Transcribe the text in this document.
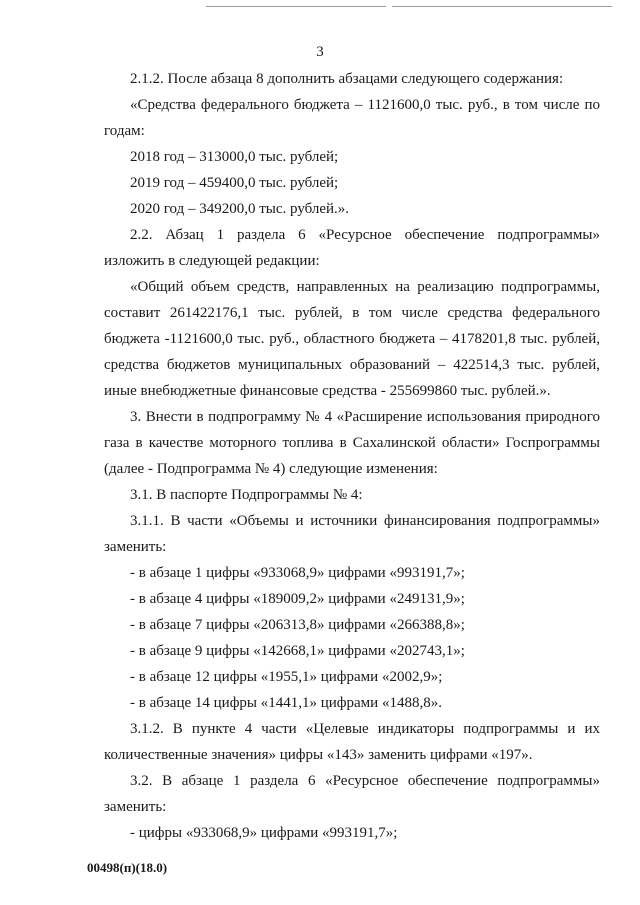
3

2.1.2. После абзаца 8 дополнить абзацами следующего содержания:

«Средства федерального бюджета – 1121600,0 тыс. руб., в том числе по годам:

2018 год – 313000,0 тыс. рублей;

2019 год – 459400,0 тыс. рублей;

2020 год – 349200,0 тыс. рублей.».

2.2. Абзац 1 раздела 6 «Ресурсное обеспечение подпрограммы» изложить в следующей редакции:

«Общий объем средств, направленных на реализацию подпрограммы, составит 261422176,1 тыс. рублей, в том числе средства федерального бюджета -1121600,0 тыс. руб., областного бюджета – 4178201,8 тыс. рублей, средства бюджетов муниципальных образований – 422514,3 тыс. рублей, иные внебюджетные финансовые средства - 255699860 тыс. рублей.».

3. Внести в подпрограмму № 4 «Расширение использования природного газа в качестве моторного топлива в Сахалинской области» Госпрограммы (далее - Подпрограмма № 4) следующие изменения:

3.1. В паспорте Подпрограммы № 4:

3.1.1. В части «Объемы и источники финансирования подпрограммы» заменить:

- в абзаце 1 цифры «933068,9» цифрами «993191,7»;

- в абзаце 4 цифры «189009,2» цифрами «249131,9»;

- в абзаце 7 цифры «206313,8» цифрами «266388,8»;

- в абзаце 9 цифры «142668,1» цифрами «202743,1»;

- в абзаце 12 цифры «1955,1» цифрами «2002,9»;

- в абзаце 14 цифры «1441,1» цифрами «1488,8».

3.1.2. В пункте 4 части «Целевые индикаторы подпрограммы и их количественные значения» цифры «143» заменить цифрами «197».

3.2. В абзаце 1 раздела 6 «Ресурсное обеспечение подпрограммы» заменить:

- цифры «933068,9» цифрами «993191,7»;

00498(п)(18.0)
